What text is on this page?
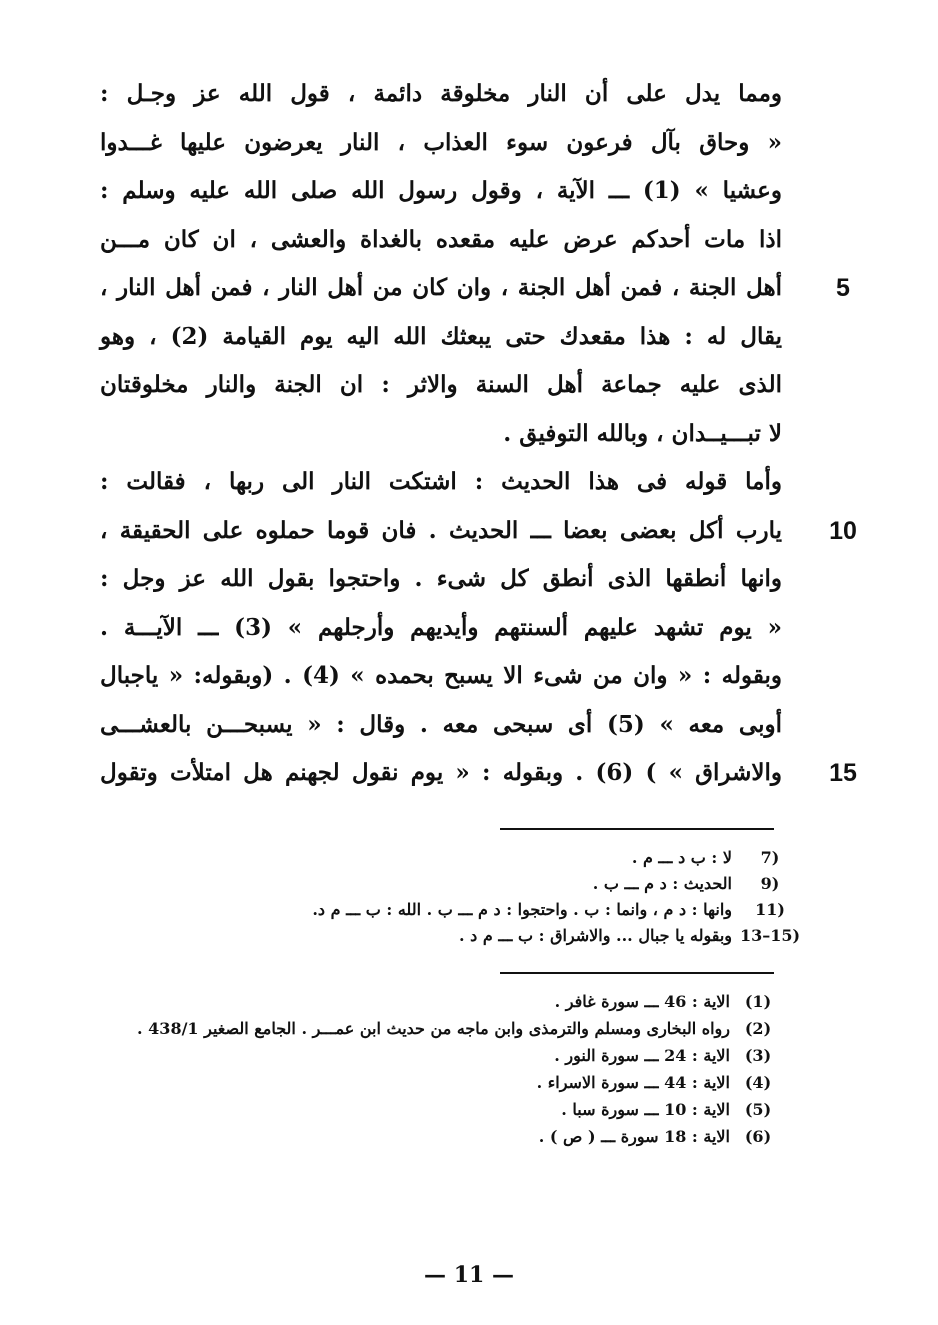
ومما يدل على أن النار مخلوقة دائمة ، قول الله عز وجـل :
« وحاق بآل فرعون سوء العذاب ، النار يعرضون عليها غـــدوا
وعشيا » (1) ـــ الآية ، وقول رسول الله صلى الله عليه وسلم :
اذا مات أحدكم عرض عليه مقعده بالغداة والعشى ، ان كان مـــن
أهل الجنة ، فمن أهل الجنة ، وان كان من أهل النار ، فمن أهل النار ،
يقال له : هذا مقعدك حتى يبعثك الله اليه يوم القيامة (2) ، وهو
الذى عليه جماعة أهل السنة والاثر : ان الجنة والنار مخلوقتان
لا تبـــيــدان ، وبالله التوفيق .
وأما قوله فى هذا الحديث : اشتكت النار الى ربها ، فقالت :
يارب أكل بعضى بعضا ـــ الحديث . فان قوما حملوه على الحقيقة ،
وانها أنطقها الذى أنطق كل شىء . واحتجوا بقول الله عز وجل :
« يوم تشهد عليهم ألسنتهم وأيديهم وأرجلهم » (3) ـــ الآيـــة .
وبقوله : « وان من شىء الا يسبح بحمده » (4) . (وبقوله: « ياجبال
أوبى معه » (5) أى سبحى معه . وقال : « يسبحـــن بالعشـــى
والاشراق » ) (6) . وبقوله : « يوم نقول لجهنم هل امتلأت وتقول
5
10
15
7)
لا : ب د ـــ م .
9)
الحديث : د م ـــ ب .
11)
وانها : د م ، وانما : ب . واحتجوا : د م ـــ ب . الله : ب ـــ م د.
13–15)
وبقوله يا جبال ... والاشراق : ب ـــ م د .
(1)
الاية : 46 ـــ سورة غافر .
(2)
رواه البخارى ومسلم والترمذى وابن ماجه من حديث ابن عمـــر . الجامع الصغير 438/1 .
(3)
الاية : 24 ـــ سورة النور .
(4)
الاية : 44 ـــ سورة الاسراء .
(5)
الاية : 10 ـــ سورة سبا .
(6)
الاية : 18 سورة ـــ ( ص ) .
— 11 —
